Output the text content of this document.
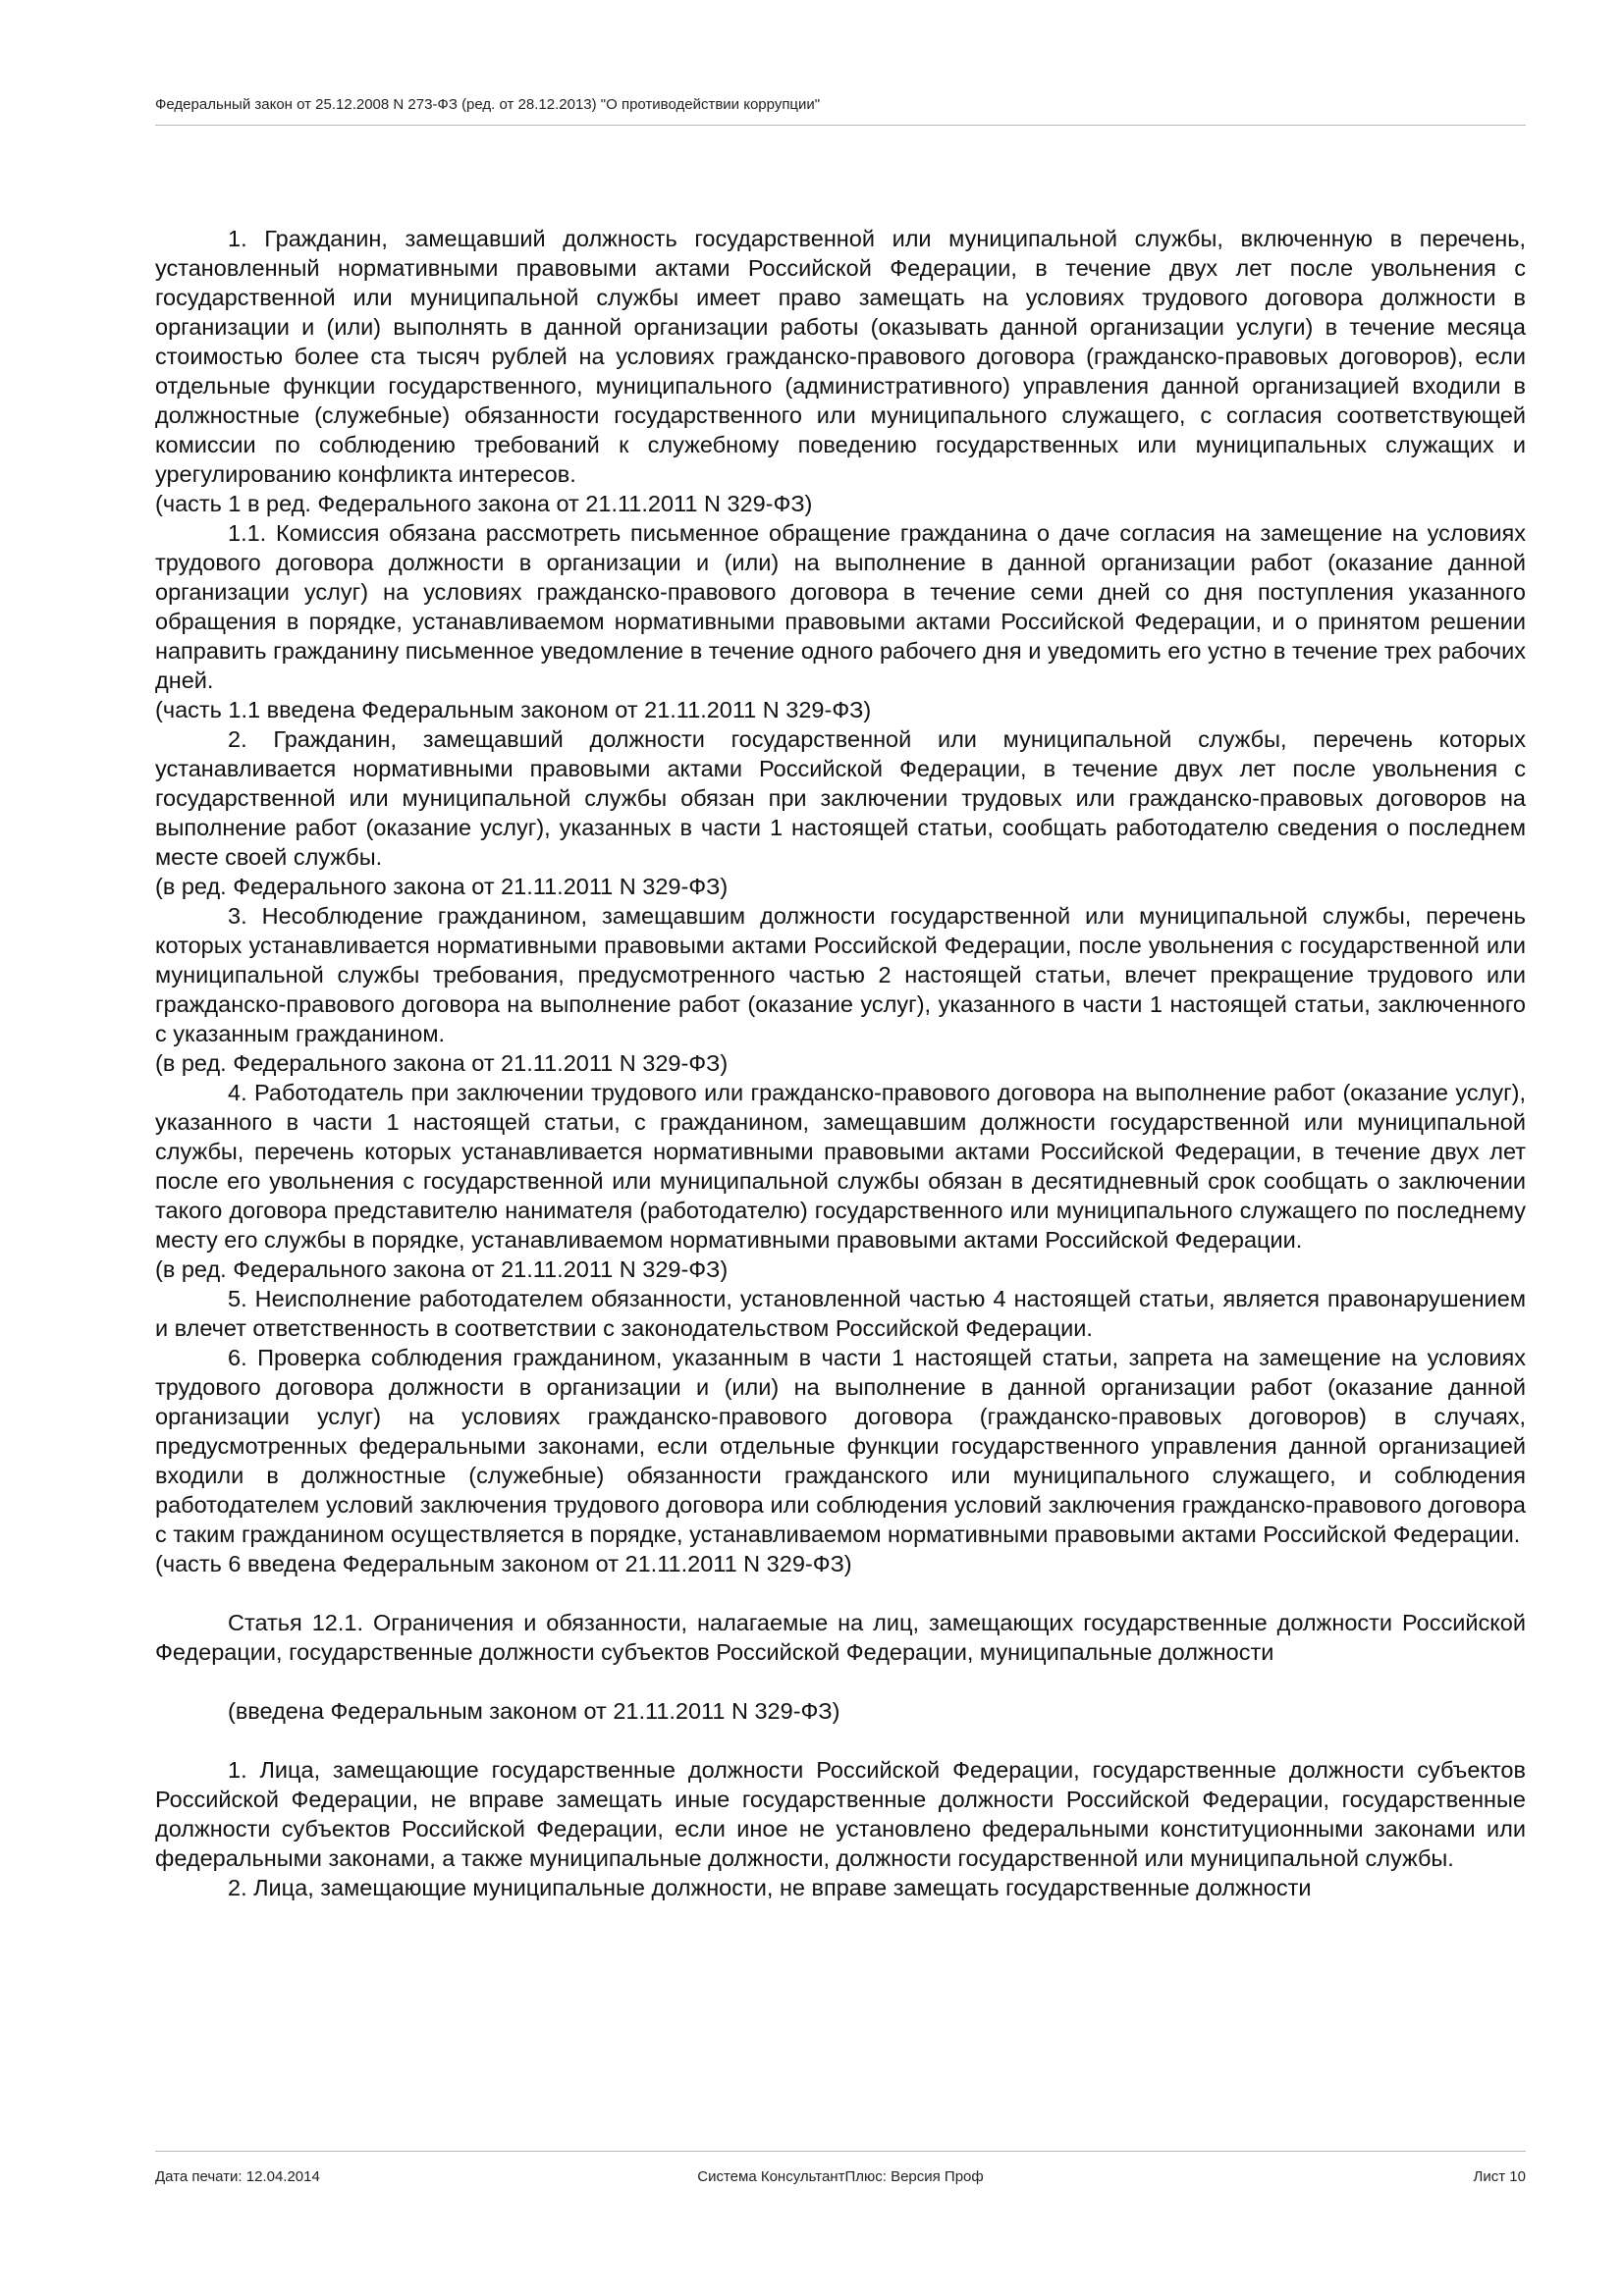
Федеральный закон от 25.12.2008 N 273-ФЗ (ред. от 28.12.2013) "О противодействии коррупции"

1. Гражданин, замещавший должность государственной или муниципальной службы, включенную в перечень, установленный нормативными правовыми актами Российской Федерации, в течение двух лет после увольнения с государственной или муниципальной службы имеет право замещать на условиях трудового договора должности в организации и (или) выполнять в данной организации работы (оказывать данной организации услуги) в течение месяца стоимостью более ста тысяч рублей на условиях гражданско-правового договора (гражданско-правовых договоров), если отдельные функции государственного, муниципального (административного) управления данной организацией входили в должностные (служебные) обязанности государственного или муниципального служащего, с согласия соответствующей комиссии по соблюдению требований к служебному поведению государственных или муниципальных служащих и урегулированию конфликта интересов.

(часть 1 в ред. Федерального закона от 21.11.2011 N 329-ФЗ)

1.1. Комиссия обязана рассмотреть письменное обращение гражданина о даче согласия на замещение на условиях трудового договора должности в организации и (или) на выполнение в данной организации работ (оказание данной организации услуг) на условиях гражданско-правового договора в течение семи дней со дня поступления указанного обращения в порядке, устанавливаемом нормативными правовыми актами Российской Федерации, и о принятом решении направить гражданину письменное уведомление в течение одного рабочего дня и уведомить его устно в течение трех рабочих дней.

(часть 1.1 введена Федеральным законом от 21.11.2011 N 329-ФЗ)

2. Гражданин, замещавший должности государственной или муниципальной службы, перечень которых устанавливается нормативными правовыми актами Российской Федерации, в течение двух лет после увольнения с государственной или муниципальной службы обязан при заключении трудовых или гражданско-правовых договоров на выполнение работ (оказание услуг), указанных в части 1 настоящей статьи, сообщать работодателю сведения о последнем месте своей службы.

(в ред. Федерального закона от 21.11.2011 N 329-ФЗ)

3. Несоблюдение гражданином, замещавшим должности государственной или муниципальной службы, перечень которых устанавливается нормативными правовыми актами Российской Федерации, после увольнения с государственной или муниципальной службы требования, предусмотренного частью 2 настоящей статьи, влечет прекращение трудового или гражданско-правового договора на выполнение работ (оказание услуг), указанного в части 1 настоящей статьи, заключенного с указанным гражданином.

(в ред. Федерального закона от 21.11.2011 N 329-ФЗ)

4. Работодатель при заключении трудового или гражданско-правового договора на выполнение работ (оказание услуг), указанного в части 1 настоящей статьи, с гражданином, замещавшим должности государственной или муниципальной службы, перечень которых устанавливается нормативными правовыми актами Российской Федерации, в течение двух лет после его увольнения с государственной или муниципальной службы обязан в десятидневный срок сообщать о заключении такого договора представителю нанимателя (работодателю) государственного или муниципального служащего по последнему месту его службы в порядке, устанавливаемом нормативными правовыми актами Российской Федерации.

(в ред. Федерального закона от 21.11.2011 N 329-ФЗ)

5. Неисполнение работодателем обязанности, установленной частью 4 настоящей статьи, является правонарушением и влечет ответственность в соответствии с законодательством Российской Федерации.

6. Проверка соблюдения гражданином, указанным в части 1 настоящей статьи, запрета на замещение на условиях трудового договора должности в организации и (или) на выполнение в данной организации работ (оказание данной организации услуг) на условиях гражданско-правового договора (гражданско-правовых договоров) в случаях, предусмотренных федеральными законами, если отдельные функции государственного управления данной организацией входили в должностные (служебные) обязанности гражданского или муниципального служащего, и соблюдения работодателем условий заключения трудового договора или соблюдения условий заключения гражданско-правового договора с таким гражданином осуществляется в порядке, устанавливаемом нормативными правовыми актами Российской Федерации.

(часть 6 введена Федеральным законом от 21.11.2011 N 329-ФЗ)

Статья 12.1. Ограничения и обязанности, налагаемые на лиц, замещающих государственные должности Российской Федерации, государственные должности субъектов Российской Федерации, муниципальные должности

(введена Федеральным законом от 21.11.2011 N 329-ФЗ)

1. Лица, замещающие государственные должности Российской Федерации, государственные должности субъектов Российской Федерации, не вправе замещать иные государственные должности Российской Федерации, государственные должности субъектов Российской Федерации, если иное не установлено федеральными конституционными законами или федеральными законами, а также муниципальные должности, должности государственной или муниципальной службы.

2. Лица, замещающие муниципальные должности, не вправе замещать государственные должности

Дата печати: 12.04.2014	Система КонсультантПлюс: Версия Проф	Лист 10
